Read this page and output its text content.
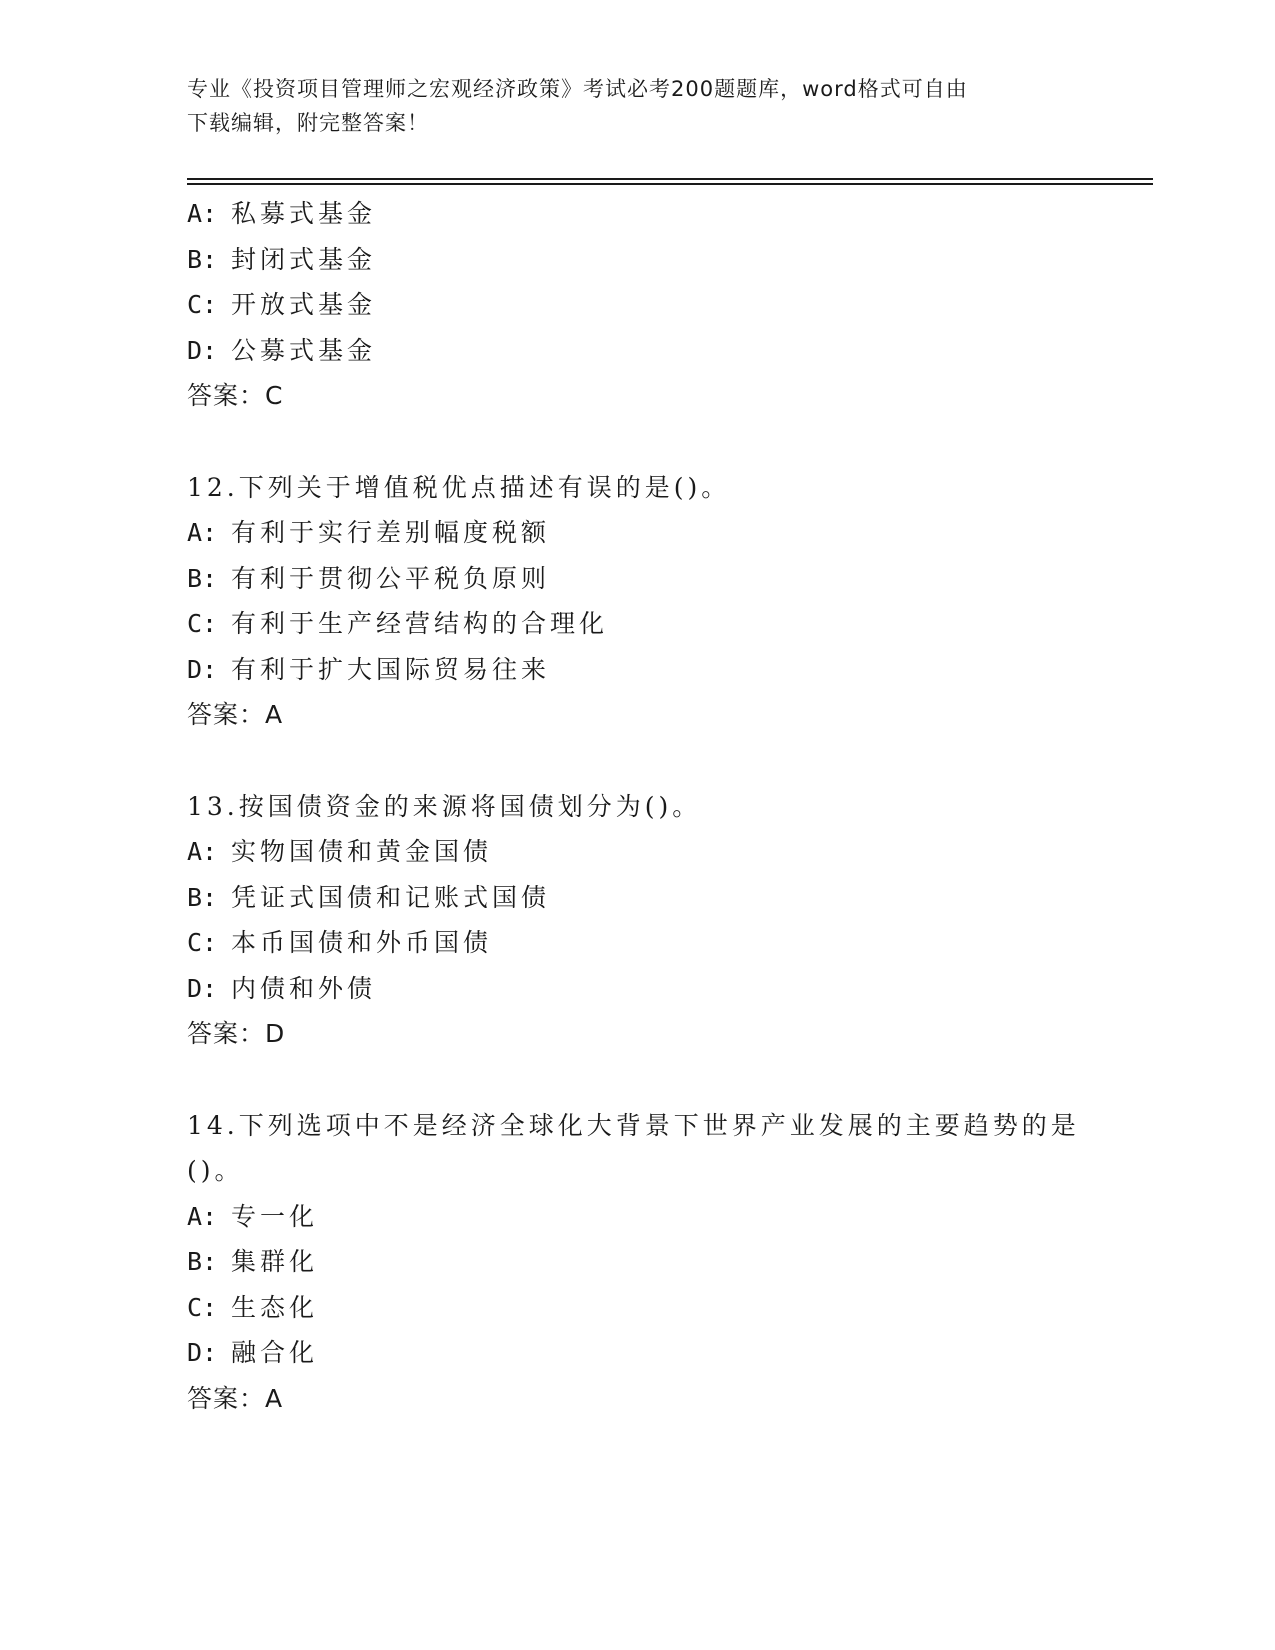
专业《投资项目管理师之宏观经济政策》考试必考200题题库，word格式可自由
下载编辑，附完整答案！
A: 私募式基金
B: 封闭式基金
C: 开放式基金
D: 公募式基金
答案：C
12.下列关于增值税优点描述有误的是()。
A: 有利于实行差别幅度税额
B: 有利于贯彻公平税负原则
C: 有利于生产经营结构的合理化
D: 有利于扩大国际贸易往来
答案：A
13.按国债资金的来源将国债划分为()。
A: 实物国债和黄金国债
B: 凭证式国债和记账式国债
C: 本币国债和外币国债
D: 内债和外债
答案：D
14.下列选项中不是经济全球化大背景下世界产业发展的主要趋势的是()。
A: 专一化
B: 集群化
C: 生态化
D: 融合化
答案：A
